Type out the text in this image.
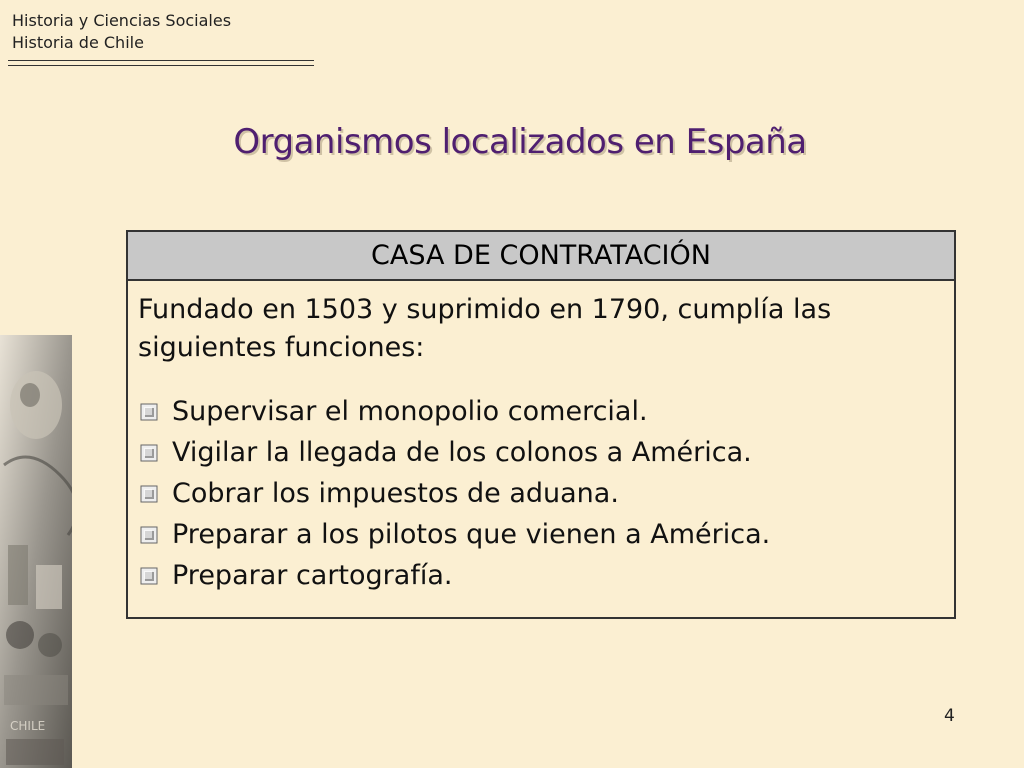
Historia y Ciencias Sociales
Historia de Chile
Organismos localizados en España
CHILE
CASA DE CONTRATACIÓN
Fundado en 1503 y suprimido en 1790, cumplía las siguientes funciones:
Supervisar el monopolio comercial.
Vigilar la llegada de los colonos a América.
Cobrar los impuestos de aduana.
Preparar a los pilotos que vienen a América.
Preparar cartografía.
4
